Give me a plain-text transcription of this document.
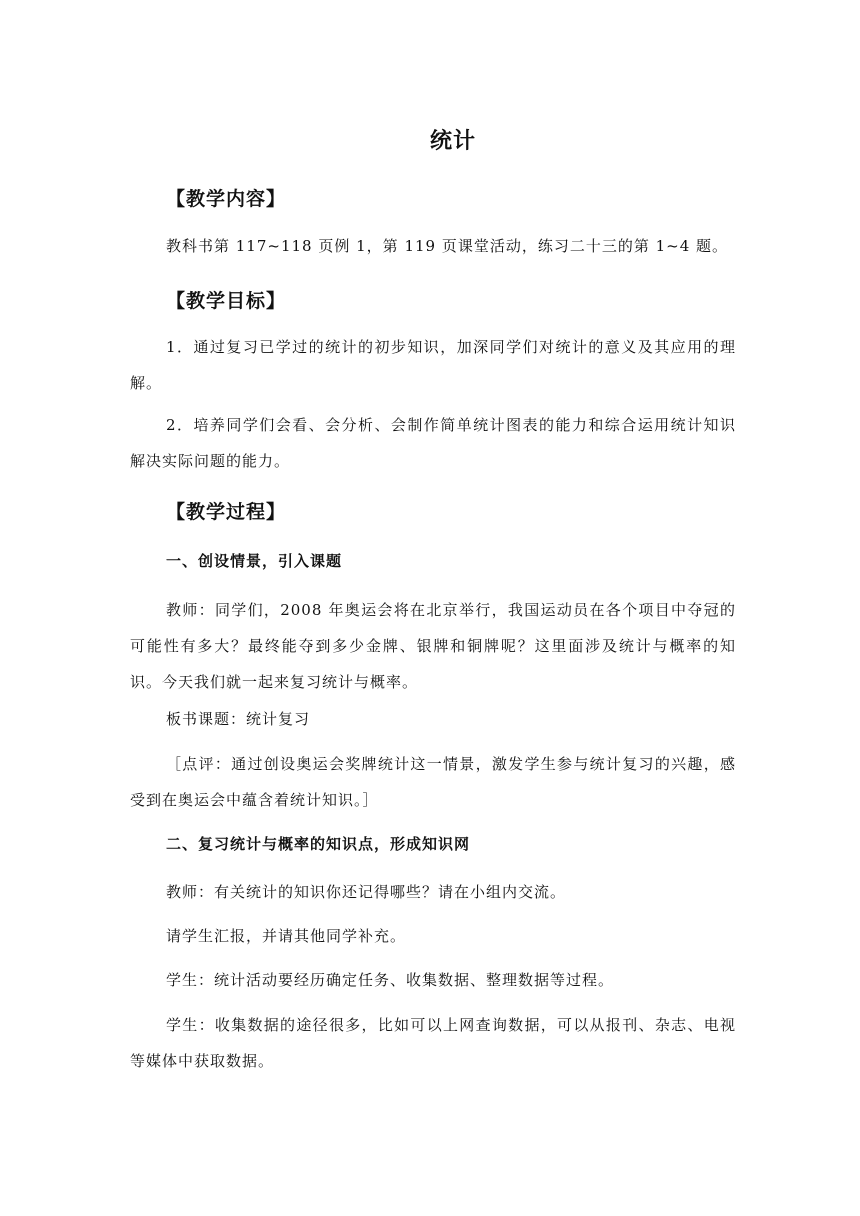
统计
【教学内容】
教科书第 117~118 页例 1，第 119 页课堂活动，练习二十三的第 1~4 题。
【教学目标】
1．通过复习已学过的统计的初步知识，加深同学们对统计的意义及其应用的理解。
2．培养同学们会看、会分析、会制作简单统计图表的能力和综合运用统计知识解决实际问题的能力。
【教学过程】
一、创设情景，引入课题
教师：同学们，2008 年奥运会将在北京举行，我国运动员在各个项目中夺冠的可能性有多大？最终能夺到多少金牌、银牌和铜牌呢？这里面涉及统计与概率的知识。今天我们就一起来复习统计与概率。
板书课题：统计复习
［点评：通过创设奥运会奖牌统计这一情景，激发学生参与统计复习的兴趣，感受到在奥运会中蕴含着统计知识。］
二、复习统计与概率的知识点，形成知识网
教师：有关统计的知识你还记得哪些？请在小组内交流。
请学生汇报，并请其他同学补充。
学生：统计活动要经历确定任务、收集数据、整理数据等过程。
学生：收集数据的途径很多，比如可以上网查询数据，可以从报刊、杂志、电视等媒体中获取数据。
